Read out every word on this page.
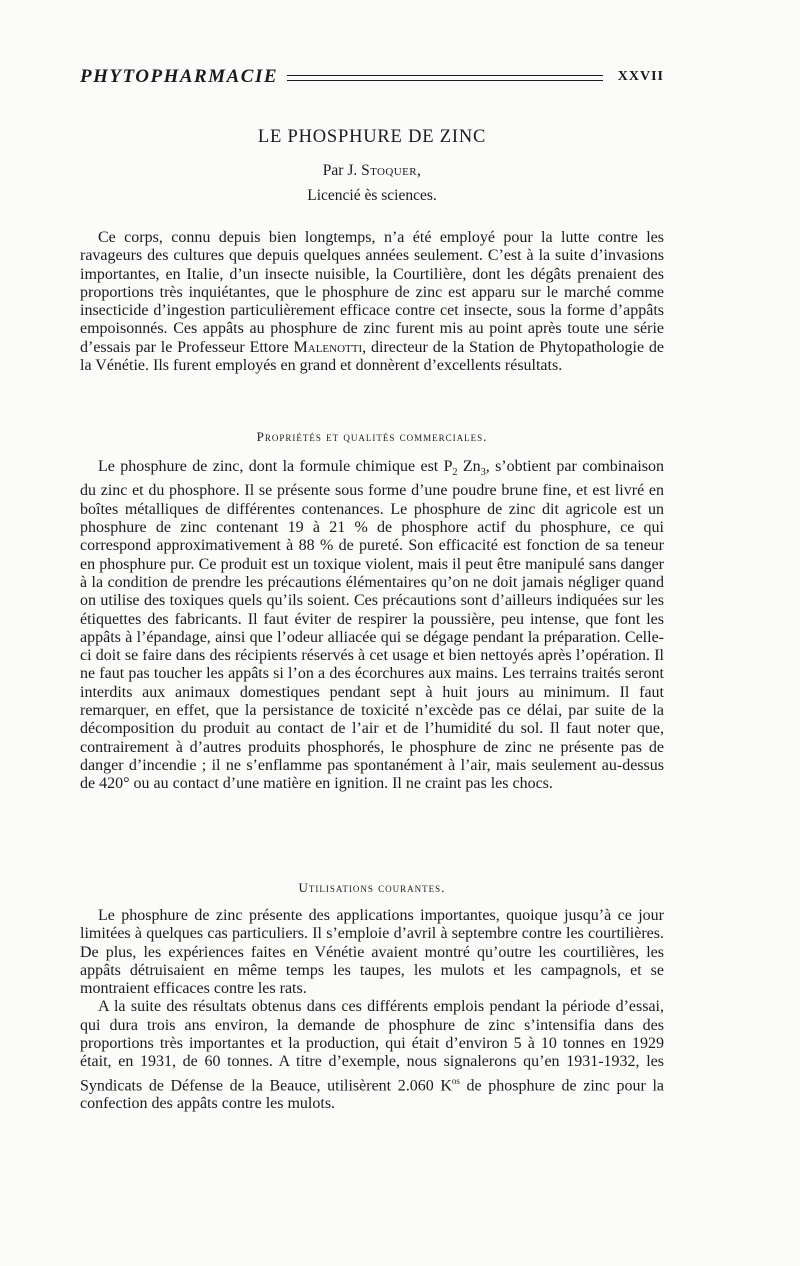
PHYTOPHARMACIE	XXVII
LE PHOSPHURE DE ZINC
Par J. Stoquer,
Licencié ès sciences.

Ce corps, connu depuis bien longtemps, n’a été employé pour la lutte contre les ravageurs des cultures que depuis quelques années seulement. C’est à la suite d’invasions importantes, en Italie, d’un insecte nuisible, la Courtilière, dont les dégâts prenaient des proportions très inquiétantes, que le phosphure de zinc est apparu sur le marché comme insecticide d’ingestion particulièrement efficace contre cet insecte, sous la forme d’appâts empoisonnés. Ces appâts au phosphure de zinc furent mis au point après toute une série d’essais par le Professeur Ettore Malenotti, directeur de la Station de Phytopathologie de la Vénétie. Ils furent employés en grand et donnèrent d’excellents résultats.

Propriétés et qualités commerciales.

Le phosphure de zinc, dont la formule chimique est $P_2$ $Zn_3$, s’obtient par combinaison du zinc et du phosphore. Il se présente sous forme d’une poudre brune fine, et est livré en boîtes métalliques de différentes contenances. Le phosphure de zinc dit agricole est un phosphure de zinc contenant 19 à 21 % de phosphore actif du phosphure, ce qui correspond approximativement à 88 % de pureté. Son efficacité est fonction de sa teneur en phosphure pur. Ce produit est un toxique violent, mais il peut être manipulé sans danger à la condition de prendre les précautions élémentaires qu’on ne doit jamais négliger quand on utilise des toxiques quels qu’ils soient. Ces précautions sont d’ailleurs indiquées sur les étiquettes des fabricants. Il faut éviter de respirer la poussière, peu intense, que font les appâts à l’épandage, ainsi que l’odeur alliacée qui se dégage pendant la préparation. Celle-ci doit se faire dans des récipients réservés à cet usage et bien nettoyés après l’opération. Il ne faut pas toucher les appâts si l’on a des écorchures aux mains. Les terrains traités seront interdits aux animaux domestiques pendant sept à huit jours au minimum. Il faut remarquer, en effet, que la persistance de toxicité n’excède pas ce délai, par suite de la décomposition du produit au contact de l’air et de l’humidité du sol. Il faut noter que, contrairement à d’autres produits phosphorés, le phosphure de zinc ne présente pas de danger d’incendie ; il ne s’enflamme pas spontanément à l’air, mais seulement au-dessus de 420° ou au contact d’une matière en ignition. Il ne craint pas les chocs.

Utilisations courantes.

Le phosphure de zinc présente des applications importantes, quoique jusqu’à ce jour limitées à quelques cas particuliers. Il s’emploie d’avril à septembre contre les courtilières. De plus, les expériences faites en Vénétie avaient montré qu’outre les courtilières, les appâts détruisaient en même temps les taupes, les mulots et les campagnols, et se montraient efficaces contre les rats.

A la suite des résultats obtenus dans ces différents emplois pendant la période d’essai, qui dura trois ans environ, la demande de phosphure de zinc s’intensifia dans des proportions très importantes et la production, qui était d’environ 5 à 10 tonnes en 1929 était, en 1931, de 60 tonnes. A titre d’exemple, nous signalerons qu’en 1931-1932, les Syndicats de Défense de la Beauce, utilisèrent 2.060 $K^{os}$ de phosphure de zinc pour la confection des appâts contre les mulots.
